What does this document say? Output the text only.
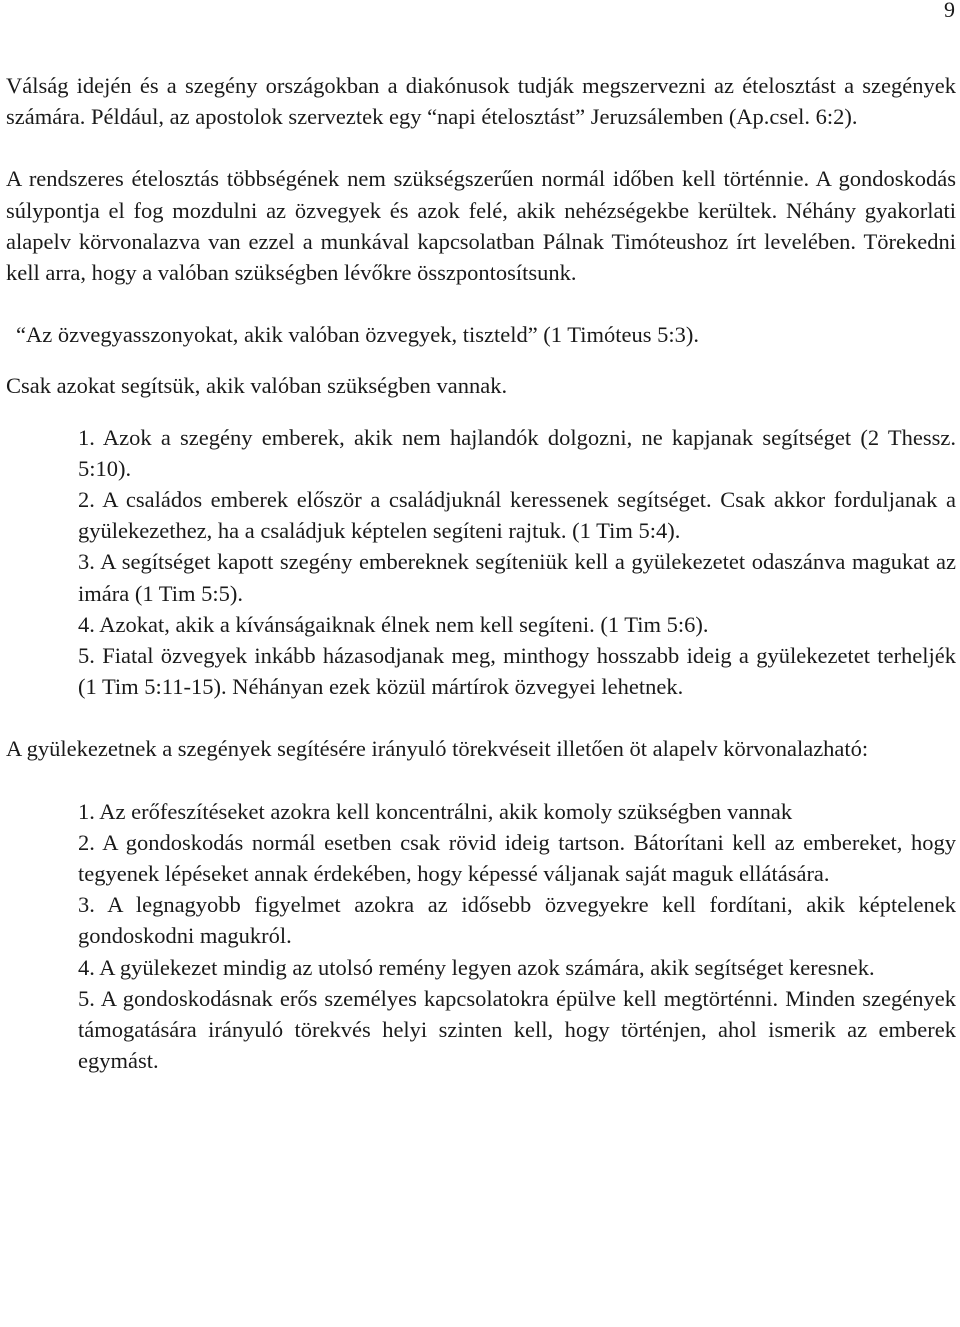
9

Válság idején és a szegény országokban a diakónusok tudják megszervezni az ételosztást a szegények számára. Például, az apostolok szerveztek egy “napi ételosztást” Jeruzsálemben (Ap.csel. 6:2).

A rendszeres ételosztás többségének nem szükségszerűen normál időben kell történnie. A gondoskodás súlypontja el fog mozdulni az özvegyek és azok felé, akik nehézségekbe kerültek. Néhány gyakorlati alapelv körvonalazva van ezzel a munkával kapcsolatban Pálnak Timóteushoz írt levelében. Törekedni kell arra, hogy a valóban szükségben lévőkre összpontosítsunk.

“Az özvegyasszonyokat, akik valóban özvegyek, tiszteld” (1 Timóteus 5:3).

Csak azokat segítsük, akik valóban szükségben vannak.

1. Azok a szegény emberek, akik nem hajlandók dolgozni, ne kapjanak segítséget (2 Thessz. 5:10).

2. A családos emberek először a családjuknál keressenek segítséget. Csak akkor forduljanak a gyülekezethez, ha a családjuk képtelen segíteni rajtuk. (1 Tim 5:4).

3. A segítséget kapott szegény embereknek segíteniük kell a gyülekezetet odaszánva magukat az imára (1 Tim 5:5).

4. Azokat, akik a kívánságaiknak élnek nem kell segíteni. (1 Tim 5:6).

5. Fiatal özvegyek inkább házasodjanak meg, minthogy hosszabb ideig a gyülekezetet terheljék (1 Tim 5:11-15). Néhányan ezek közül mártírok özvegyei lehetnek.

A gyülekezetnek a szegények segítésére irányuló törekvéseit illetően öt alapelv körvonalazható:

1. Az erőfeszítéseket azokra kell koncentrálni, akik komoly szükségben vannak

2. A gondoskodás normál esetben csak rövid ideig tartson. Bátorítani kell az embereket, hogy tegyenek lépéseket annak érdekében, hogy képessé váljanak saját maguk ellátására.

3. A legnagyobb figyelmet azokra az idősebb özvegyekre kell fordítani, akik képtelenek gondoskodni magukról.

4. A gyülekezet mindig az utolsó remény legyen azok számára, akik segítséget keresnek.

5. A gondoskodásnak erős személyes kapcsolatokra épülve kell megtörténni. Minden szegények támogatására irányuló törekvés helyi szinten kell, hogy történjen, ahol ismerik az emberek egymást.
